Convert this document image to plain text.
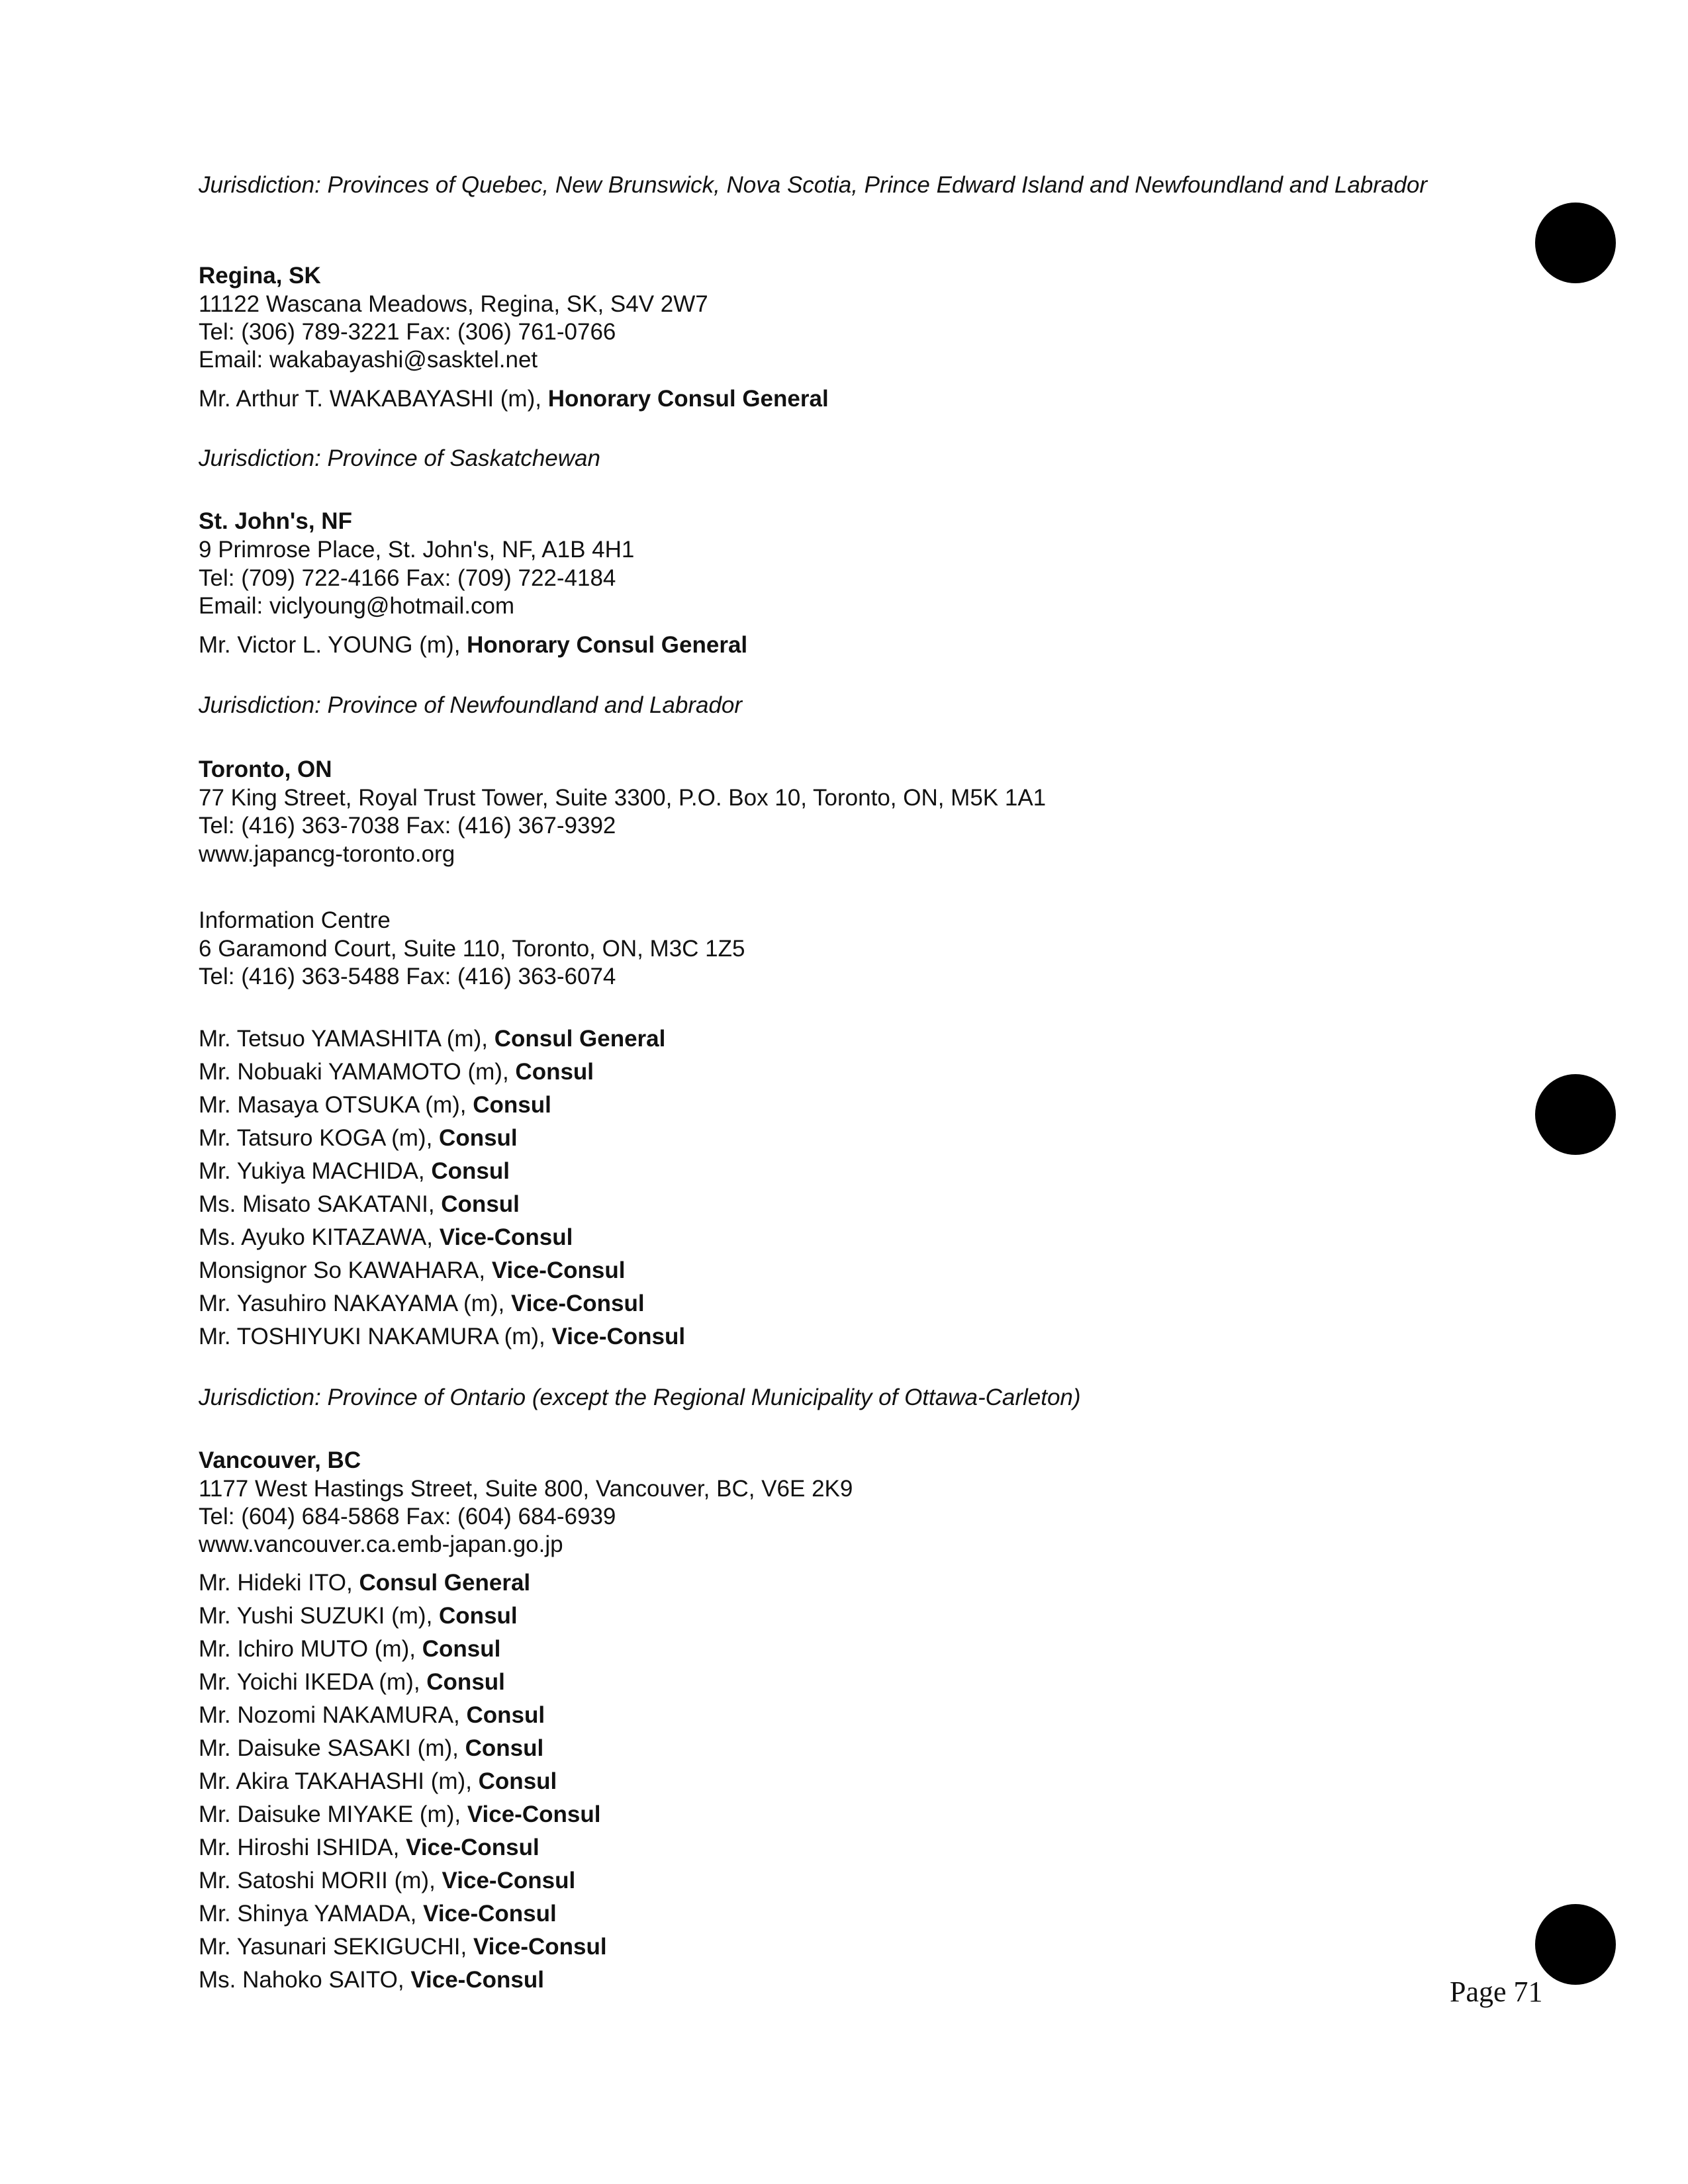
Jurisdiction: Provinces of Quebec, New Brunswick, Nova Scotia, Prince Edward Island and Newfoundland and Labrador
Regina, SK
11122 Wascana Meadows, Regina, SK, S4V 2W7
Tel: (306) 789-3221 Fax: (306) 761-0766
Email: wakabayashi@sasktel.net
Mr. Arthur T. WAKABAYASHI (m), Honorary Consul General
Jurisdiction: Province of Saskatchewan
St. John's, NF
9 Primrose Place, St. John's, NF, A1B 4H1
Tel: (709) 722-4166 Fax: (709) 722-4184
Email: viclyoung@hotmail.com
Mr. Victor L. YOUNG (m), Honorary Consul General
Jurisdiction: Province of Newfoundland and Labrador
Toronto, ON
77 King Street, Royal Trust Tower, Suite 3300, P.O. Box 10, Toronto, ON, M5K 1A1
Tel: (416) 363-7038 Fax: (416) 367-9392
www.japancg-toronto.org
Information Centre
6 Garamond Court, Suite 110, Toronto, ON, M3C 1Z5
Tel: (416) 363-5488 Fax: (416) 363-6074
Mr. Tetsuo YAMASHITA (m), Consul General
Mr. Nobuaki YAMAMOTO (m), Consul
Mr. Masaya OTSUKA (m), Consul
Mr. Tatsuro KOGA (m), Consul
Mr. Yukiya MACHIDA, Consul
Ms. Misato SAKATANI, Consul
Ms. Ayuko KITAZAWA, Vice-Consul
Monsignor So KAWAHARA, Vice-Consul
Mr. Yasuhiro NAKAYAMA (m), Vice-Consul
Mr. TOSHIYUKI NAKAMURA (m), Vice-Consul
Jurisdiction: Province of Ontario (except the Regional Municipality of Ottawa-Carleton)
Vancouver, BC
1177 West Hastings Street, Suite 800, Vancouver, BC, V6E 2K9
Tel: (604) 684-5868 Fax: (604) 684-6939
www.vancouver.ca.emb-japan.go.jp
Mr. Hideki ITO, Consul General
Mr. Yushi SUZUKI (m), Consul
Mr. Ichiro MUTO (m), Consul
Mr. Yoichi IKEDA (m), Consul
Mr. Nozomi NAKAMURA, Consul
Mr. Daisuke SASAKI (m), Consul
Mr. Akira TAKAHASHI (m), Consul
Mr. Daisuke MIYAKE (m), Vice-Consul
Mr. Hiroshi ISHIDA, Vice-Consul
Mr. Satoshi MORII (m), Vice-Consul
Mr. Shinya YAMADA, Vice-Consul
Mr. Yasunari SEKIGUCHI, Vice-Consul
Ms. Nahoko SAITO, Vice-Consul	Page 71
